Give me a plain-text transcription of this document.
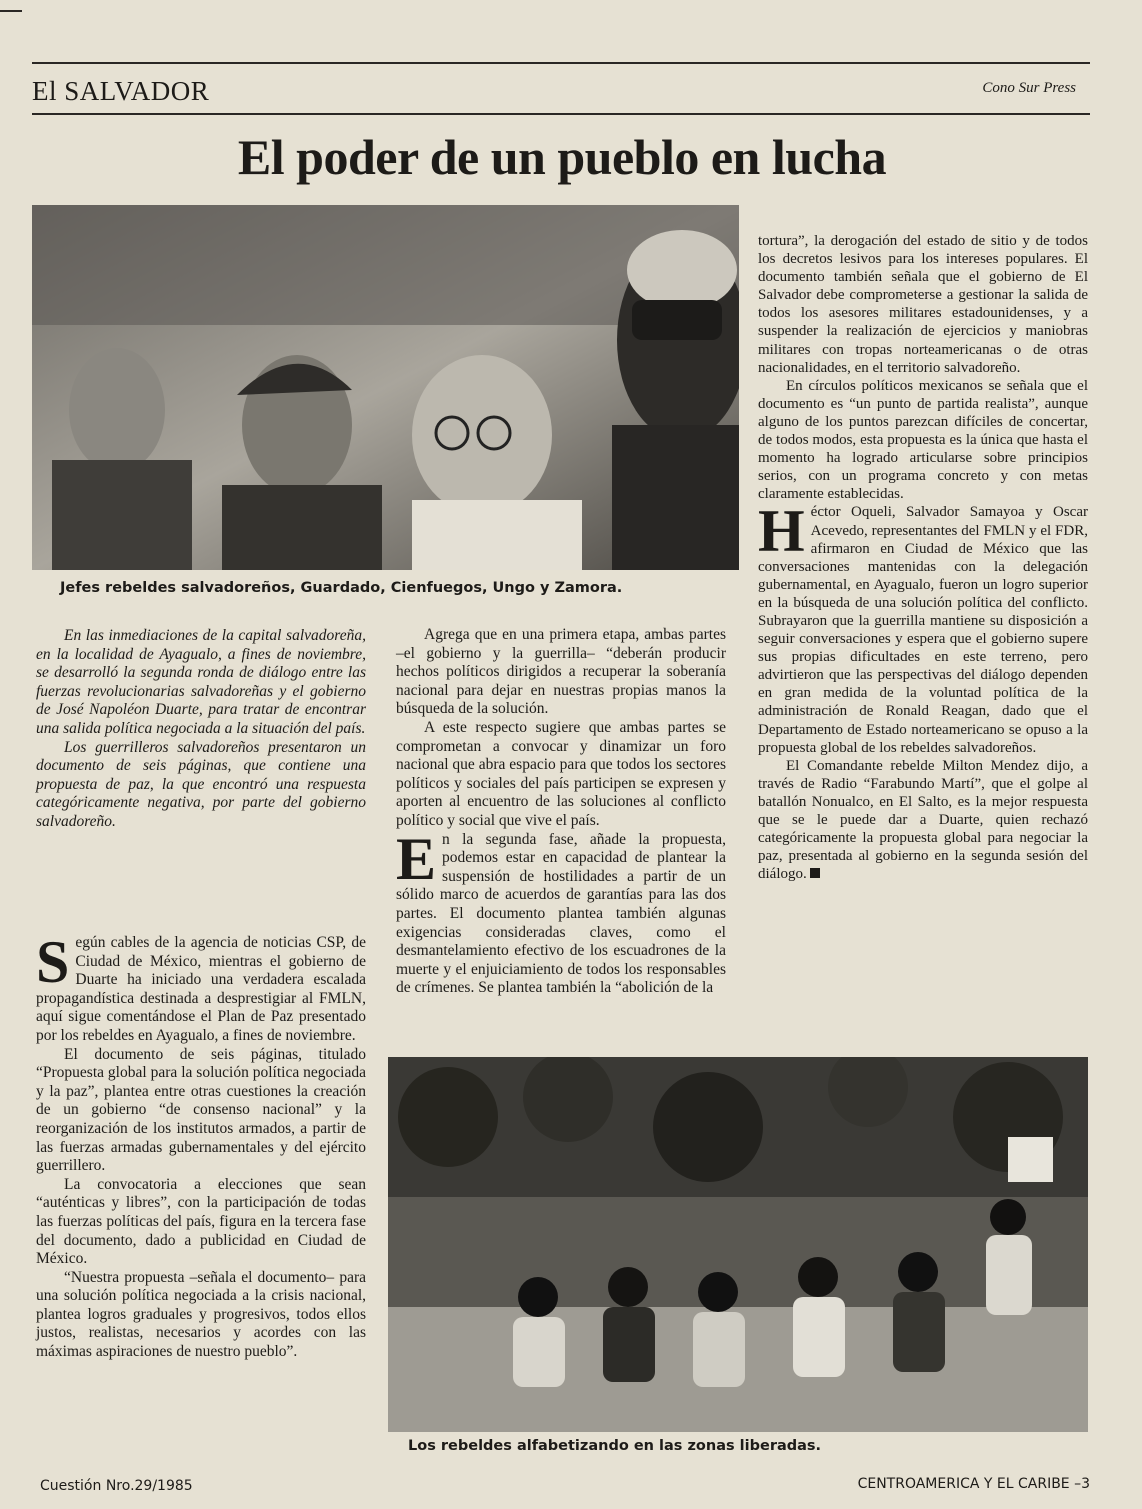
El SALVADOR	Cono Sur Press
El poder de un pueblo en lucha
Jefes rebeldes salvadoreños, Guardado, Cienfuegos, Ungo y Zamora.

En las inmediaciones de la capital salvadoreña, en la localidad de Ayagualo, a fines de noviembre, se desarrolló la segunda ronda de diálogo entre las fuerzas revolucionarias salvadoreñas y el gobierno de José Napoléon Duarte, para tratar de encontrar una salida política negociada a la situación del país.

Los guerrilleros salvadoreños presentaron un documento de seis páginas, que contiene una propuesta de paz, la que encontró una respuesta categóricamente negativa, por parte del gobierno salvadoreño.

Según cables de la agencia de noticias CSP, de Ciudad de México, mientras el gobierno de Duarte ha iniciado una verdadera escalada propagandística destinada a desprestigiar al FMLN, aquí sigue comentándose el Plan de Paz presentado por los rebeldes en Ayagualo, a fines de noviembre.

El documento de seis páginas, titulado “Propuesta global para la solución política negociada y la paz”, plantea entre otras cuestiones la creación de un gobierno “de consenso nacional” y la reorganización de los institutos armados, a partir de las fuerzas armadas gubernamentales y del ejército guerrillero.

La convocatoria a elecciones que sean “auténticas y libres”, con la participación de todas las fuerzas políticas del país, figura en la tercera fase del documento, dado a publicidad en Ciudad de México.

“Nuestra propuesta –señala el documento– para una solución política negociada a la crisis nacional, plantea logros graduales y progresivos, todos ellos justos, realistas, necesarios y acordes con las máximas aspiraciones de nuestro pueblo”.

Agrega que en una primera etapa, ambas partes –el gobierno y la guerrilla– “deberán producir hechos políticos dirigidos a recuperar la soberanía nacional para dejar en nuestras propias manos la búsqueda de la solución.

A este respecto sugiere que ambas partes se comprometan a convocar y dinamizar un foro nacional que abra espacio para que todos los sectores políticos y sociales del país participen se expresen y aporten al encuentro de las soluciones al conflicto político y social que vive el país.

En la segunda fase, añade la propuesta, podemos estar en capacidad de plantear la suspensión de hostilidades a partir de un sólido marco de acuerdos de garantías para las dos partes. El documento plantea también algunas exigencias consideradas claves, como el desmantelamiento efectivo de los escuadrones de la muerte y el enjuiciamiento de todos los responsables de crímenes. Se plantea también la “abolición de la

tortura”, la derogación del estado de sitio y de todos los decretos lesivos para los intereses populares. El documento también señala que el gobierno de El Salvador debe comprometerse a gestionar la salida de todos los asesores militares estadounidenses, y a suspender la realización de ejercicios y maniobras militares con tropas norteamericanas o de otras nacionalidades, en el territorio salvadoreño.

En círculos políticos mexicanos se señala que el documento es “un punto de partida realista”, aunque alguno de los puntos parezcan difíciles de concertar, de todos modos, esta propuesta es la única que hasta el momento ha logrado articularse sobre principios serios, con un programa concreto y con metas claramente establecidas.

Héctor Oqueli, Salvador Samayoa y Oscar Acevedo, representantes del FMLN y el FDR, afirmaron en Ciudad de México que las conversaciones mantenidas con la delegación gubernamental, en Ayagualo, fueron un logro superior en la búsqueda de una solución política del conflicto. Subrayaron que la guerrilla mantiene su disposición a seguir conversaciones y espera que el gobierno supere sus propias dificultades en este terreno, pero advirtieron que las perspectivas del diálogo dependen en gran medida de la voluntad política de la administración de Ronald Reagan, dado que el Departamento de Estado norteamericano se opuso a la propuesta global de los rebeldes salvadoreños.

El Comandante rebelde Milton Mendez dijo, a través de Radio “Farabundo Martí”, que el golpe al batallón Nonualco, en El Salto, es la mejor respuesta que se le puede dar a Duarte, quien rechazó categóricamente la propuesta global para negociar la paz, presentada al gobierno en la segunda sesión del diálogo.

Los rebeldes alfabetizando en las zonas liberadas.
Cuestión Nro.29/1985	CENTROAMERICA Y EL CARIBE –3
